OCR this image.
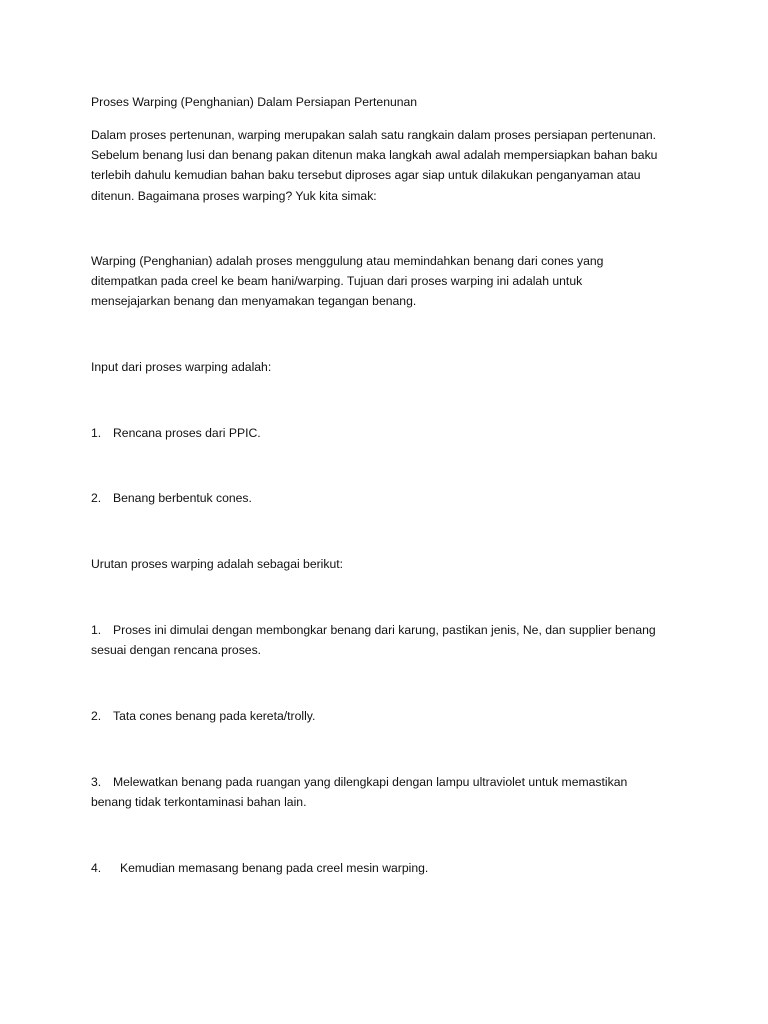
Proses Warping (Penghanian) Dalam Persiapan Pertenunan
Dalam proses pertenunan, warping merupakan salah satu rangkain dalam proses persiapan pertenunan.
Sebelum benang lusi dan benang pakan ditenun maka langkah awal adalah mempersiapkan bahan baku
terlebih dahulu kemudian bahan baku tersebut diproses agar siap untuk dilakukan penganyaman atau
ditenun. Bagaimana proses warping? Yuk kita simak:
Warping (Penghanian) adalah proses menggulung atau memindahkan benang dari cones yang
ditempatkan pada creel ke beam hani/warping. Tujuan dari proses warping ini adalah untuk
mensejajarkan benang dan menyamakan tegangan benang.
Input dari proses warping adalah:
1. Rencana proses dari PPIC.
2. Benang berbentuk cones.
Urutan proses warping adalah sebagai berikut:
1. Proses ini dimulai dengan membongkar benang dari karung, pastikan jenis, Ne, dan supplier benang
sesuai dengan rencana proses.
2. Tata cones benang pada kereta/trolly.
3. Melewatkan benang pada ruangan yang dilengkapi dengan lampu ultraviolet untuk memastikan
benang tidak terkontaminasi bahan lain.
4. Kemudian memasang benang pada creel mesin warping.
